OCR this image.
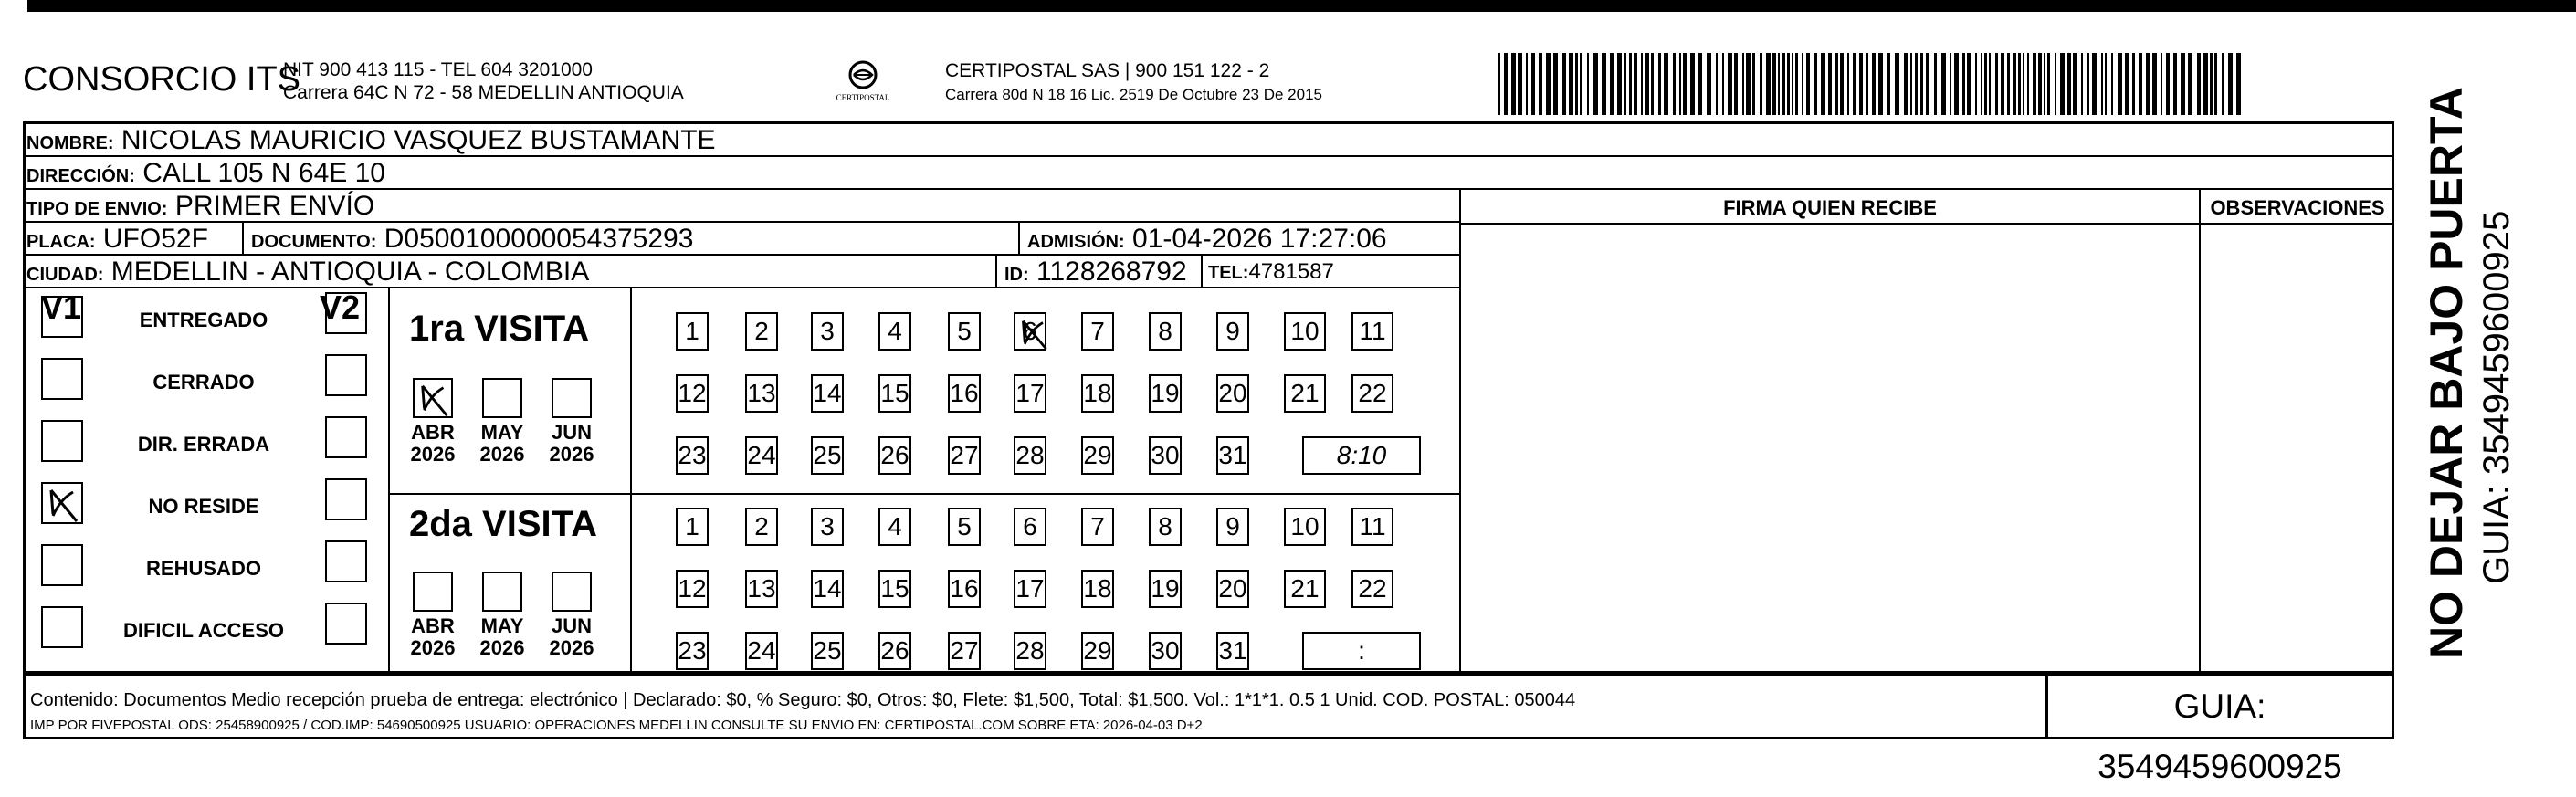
CONSORCIO ITS
NIT 900 413 115 - TEL 604 3201000
Carrera 64C N 72 - 58 MEDELLIN ANTIOQUIA	CERTIPOSTAL
CERTIPOSTAL SAS | 900 151 122 - 2
Carrera 80d N 18 16 Lic. 2519 De Octubre 23 De 2015
NOMBRE: NICOLAS MAURICIO VASQUEZ BUSTAMANTE
DIRECCIÓN: CALL 105 N 64E 10
TIPO DE ENVIO: PRIMER ENVÍO
PLACA: UFO52F DOCUMENTO: D0500100000054375293	ADMISIÓN: 01-04-2026 17:27:06
CIUDAD: MEDELLIN - ANTIOQUIA - COLOMBIA	ID: 1128268792 TEL:4781587
FIRMA QUIEN RECIBE	OBSERVACIONES
V1	V2
ENTREGADO
CERRADO
DIR. ERRADA
NO RESIDE
REHUSADO
DIFICIL ACCESO
1ra VISITA
2da VISITA
1	2	3	4	5	6	7	8	9	10	11
12 13 14 15 16 17 18 19 20 21 22
23 24 25 26 27 28 29 30 31	8:10
1	2	3	4	5	6	7	8	9	10	11
12 13 14 15 16 17 18 19 20 21 22
23 24 25 26 27 28 29 30 31	:
ABR
2026
MAY
2026
JUN
2026
ABR
2026
MAY
2026
JUN
2026
Contenido: Documentos Medio recepción prueba de entrega: electrónico | Declarado: $0, % Seguro: $0, Otros: $0, Flete: $1,500, Total: $1,500. Vol.: 1*1*1. 0.5 1 Unid. COD. POSTAL: 050044
IMP POR FIVEPOSTAL ODS: 25458900925 / COD.IMP: 54690500925 USUARIO: OPERACIONES MEDELLIN CONSULTE SU ENVIO EN: CERTIPOSTAL.COM SOBRE ETA: 2026-04-03 D+2
GUIA: 3549459600925
NO DEJAR BAJO PUERTA GUIA: 3549459600925
